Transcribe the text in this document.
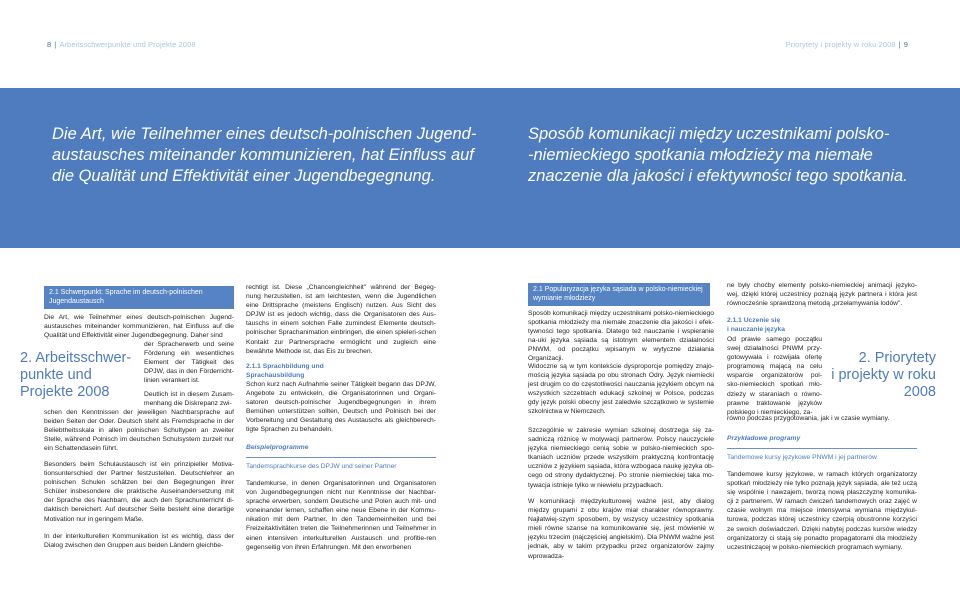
8 | Arbeitsschwerpunkte und Projekte 2008
Die Art, wie Teilnehmer eines deutsch-polnischen Jugend-
austausches miteinander kommunizieren, hat Einfluss auf
die Qualität und Effektivität einer Jugendbegegnung.
2. Arbeitsschwer-
punkte und
Projekte 2008
2.1 Schwerpunkt: Sprache im deutsch-polnischen Jugendaustausch
Die Art, wie Teilnehmer eines deutsch-polnischen Jugend-austausches miteinander kommunizieren, hat Einfluss auf die Qualität und Effektivität einer Jugendbegegnung. Daher sind
der Spracherwerb und seine Förderung ein wesentliches Element der Tätigkeit des DPJW, das in den Förderricht-linien verankert ist.
Deutlich ist in diesem Zusam-menhang die Diskrepanz zwi-
schen den Kenntnissen der jeweiligen Nachbarsprache auf beiden Seiten der Oder. Deutsch steht als Fremdsprache in der Beliebtheitsskala in allen polnischen Schultypen an zweiter Stelle, während Polnisch im deutschen Schulsystem zurzeit nur ein Schattendasein führt.
Besonders beim Schulaustausch ist ein prinzipieller Motiva-tionsunterschied der Partner festzustellen. Deutschlehrer an polnischen Schulen schätzen bei den Begegnungen ihrer Schüler insbesondere die praktische Auseinandersetzung mit der Sprache des Nachbarn, die auch den Sprachunterricht di-daktisch bereichert. Auf deutscher Seite besteht eine derartige Motivation nur in geringem Maße.
In der interkulturellen Kommunikation ist es wichtig, dass der Dialog zwischen den Gruppen aus beiden Ländern gleichbe-
rechtigt ist. Diese „Chancengleichheit" während der Begeg-nung herzustellen, ist am leichtesten, wenn die Jugendlichen eine Drittsprache (meistens Englisch) nutzen. Aus Sicht des DPJW ist es jedoch wichtig, dass die Organisatoren des Aus-tauschs in einem solchen Falle zumindest Elemente deutsch-polnischer Sprachanimation einbringen, die einen spieleri-schen Kontakt zur Partnersprache ermöglicht und zugleich eine bewährte Methode ist, das Eis zu brechen.
2.1.1 Sprachbildung und
Sprachausbildung
Schon kurz nach Aufnahme seiner Tätigkeit begann das DPJW, Angebote zu entwickeln, die Organisatorinnen und Organi-satoren deutsch-polnischer Jugendbegegnungen in ihrem Bemühen unterstützen sollten, Deutsch und Polnisch bei der Vorbereitung und Gestaltung des Austauschs als gleichberech-tigte Sprachen zu behandeln.
Beispielprogramme
Tandemsprachkurse des DPJW und seiner Partner
Tandemkurse, in denen Organisatorinnen und Organisatoren von Jugendbegegnungen nicht nur Kenntnisse der Nachbar-sprache erwerben, sondern Deutsche und Polen auch mit- und voneinander lernen, schaffen eine neue Ebene in der Kommu-nikation mit dem Partner. In den Tandemeinheiten und bei Freizeitaktivitäten treten die Teilnehmerinnen und Teilnehmer in einen intensiven interkulturellen Austausch und profitie-ren gegenseitig von ihren Erfahrungen. Mit den erworbenen
Priorytety i projekty w roku 2008 | 9
Sposób komunikacji między uczestnikami polsko-
-niemieckiego spotkania młodzieży ma niemałe
znaczenie dla jakości i efektywności tego spotkania.
2. Priorytety
i projekty w roku
2008
2.1 Popularyzacja języka sąsiada w polsko-niemieckiej wymianie młodzieży
Sposób komunikacji między uczestnikami polsko-niemieckiego spotkania młodzieży ma niemałe znaczenie dla jakości i efek-tywności tego spotkania. Dlatego też nauczanie i wspieranie na-uki języka sąsiada są istotnym elementem działalności PNWM, od początku wpisanym w wytyczne działania Organizacji.
Widoczne są w tym kontekście dysproporcje pomiędzy znajo-mością języka sąsiada po obu stronach Odry. Język niemiecki jest drugim co do częstotliwości nauczania językiem obcym na wszystkich szczeblach edukacji szkolnej w Polsce, podczas gdy język polski obecny jest zaledwie szczątkowo w systemie szkolnictwa w Niemczech.
Szczególnie w zakresie wymian szkolnej dostrzega się za-sadniczą różnicę w motywacji partnerów. Polscy nauczyciele języka niemieckiego cenią sobie w polsko-niemieckich spo-tkaniach uczniów przede wszystkim praktyczną konfrontację uczniów z językiem sąsiada, która wzbogaca naukę języka ob-cego od strony dydaktycznej. Po stronie niemieckiej taka mo-tywacja istnieje tylko w niewielu przypadkach.
W komunikacji międzykulturowej ważne jest, aby dialog między grupami z obu krajów miał charakter równoprawny. Najłatwiej-szym sposobem, by wszyscy uczestnicy spotkania mieli równe szanse na komunikowanie się, jest mówienie w języku trzecim (najczęściej angielskim). Dla PNWM ważne jest jednak, aby w takim przypadku przez organizatorów zajmy wprowadza-
ne były choćby elementy polsko-niemieckiej animacji języko-wej, dzięki której uczestnicy poznają język partnera i która jest równocześnie sprawdzoną metodą „przełamywania lodów".
2.1.1 Uczenie się
i nauczanie języka
Od prawie samego początku swej działalności PNWM przy-gotowywała i rozwijała ofertę programową mającą na celu wsparcie organizatorów pol-sko-niemieckich spotkań mło-dzieży w staraniach o równo-prawne traktowanie języków polskiego i niemieckiego, za-
równo podczas przygotowania, jak i w czasie wymiany.
Przykładowe programy
Tandemowe kursy językowe PNWM i jej partnerów
Tandemowe kursy językowe, w ramach których organizatorzy spotkań młodzieży nie tylko poznają język sąsiada, ale też uczą się wspólnie i nawzajem, tworzą nową płaszczyznę komunika-cji z partnerem. W ramach ćwiczeń tandemowych oraz zajęć w czasie wolnym ma miejsce intensywna wymiana międzykul-turowa, podczas której uczestnicy czerpią obustronne korzyści ze swoich doświadczeń. Dzięki nabytej podczas kursów wiedzy organizatorzy ci stają się ponadto propagatorami dla młodzieży uczestniczącej w polsko-niemieckich programach wymiany.
